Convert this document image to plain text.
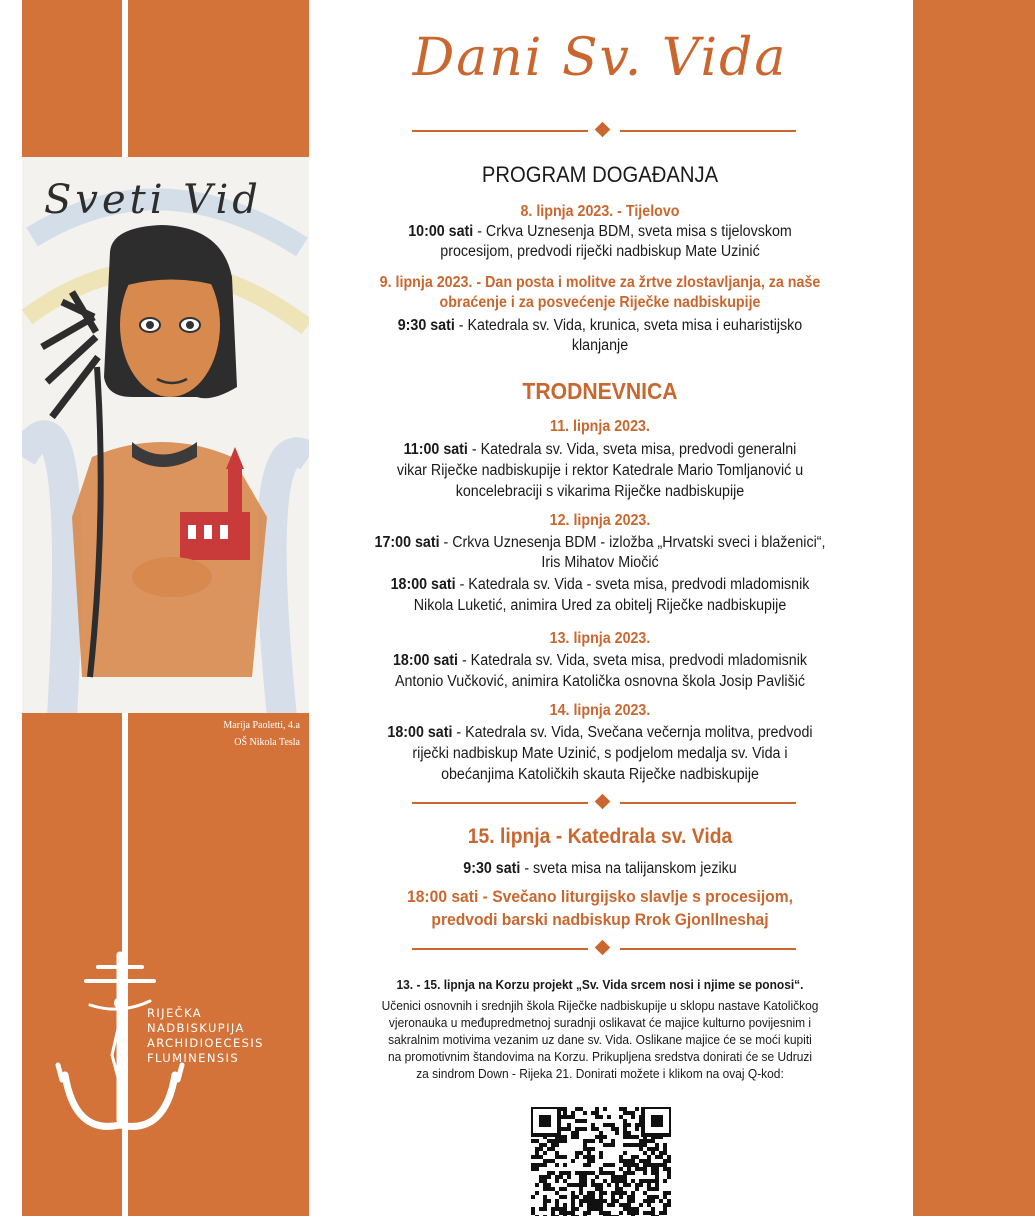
Sveti Vid
Marija Paoletti, 4.a
OŠ Nikola Tesla
RIJEČKA
NADBISKUPIJA
ARCHIDIOECESIS
FLUMINENSIS
Dani Sv. Vida
PROGRAM DOGAĐANJA
8. lipnja 2023. - Tijelovo
10:00 sati - Crkva Uznesenja BDM, sveta misa s tijelovskom
procesijom, predvodi riječki nadbiskup Mate Uzinić
9. lipnja 2023. - Dan posta i molitve za žrtve zlostavljanja, za naše
obraćenje i za posvećenje Riječke nadbiskupije
9:30 sati - Katedrala sv. Vida, krunica, sveta misa i euharistijsko
klanjanje
TRODNEVNICA
11. lipnja 2023.
11:00 sati - Katedrala sv. Vida, sveta misa, predvodi generalni
vikar Riječke nadbiskupije i rektor Katedrale Mario Tomljanović u
koncelebraciji s vikarima Riječke nadbiskupije
12. lipnja 2023.
17:00 sati - Crkva Uznesenja BDM - izložba „Hrvatski sveci i blaženici“,
Iris Mihatov Miočić
18:00 sati - Katedrala sv. Vida - sveta misa, predvodi mladomisnik
Nikola Luketić, animira Ured za obitelj Riječke nadbiskupije
13. lipnja 2023.
18:00 sati - Katedrala sv. Vida, sveta misa, predvodi mladomisnik
Antonio Vučković, animira Katolička osnovna škola Josip Pavlišić
14. lipnja 2023.
18:00 sati - Katedrala sv. Vida, Svečana večernja molitva, predvodi
riječki nadbiskup Mate Uzinić, s podjelom medalja sv. Vida i
obećanjima Katoličkih skauta Riječke nadbiskupije
15. lipnja - Katedrala sv. Vida
9:30 sati - sveta misa na talijanskom jeziku
18:00 sati - Svečano liturgijsko slavlje s procesijom,
predvodi barski nadbiskup Rrok Gjonllneshaj
13. - 15. lipnja na Korzu projekt „Sv. Vida srcem nosi i njime se ponosi“.
Učenici osnovnih i srednjih škola Riječke nadbiskupije u sklopu nastave Katoličkog
vjeronauka u međupredmetnoj suradnji oslikavat će majice kulturno povijesnim i
sakralnim motivima vezanim uz dane sv. Vida. Oslikane majice će se moći kupiti
na promotivnim štandovima na Korzu. Prikupljena sredstva donirati će se Udruzi
za sindrom Down - Rijeka 21. Donirati možete i klikom na ovaj Q-kod:
